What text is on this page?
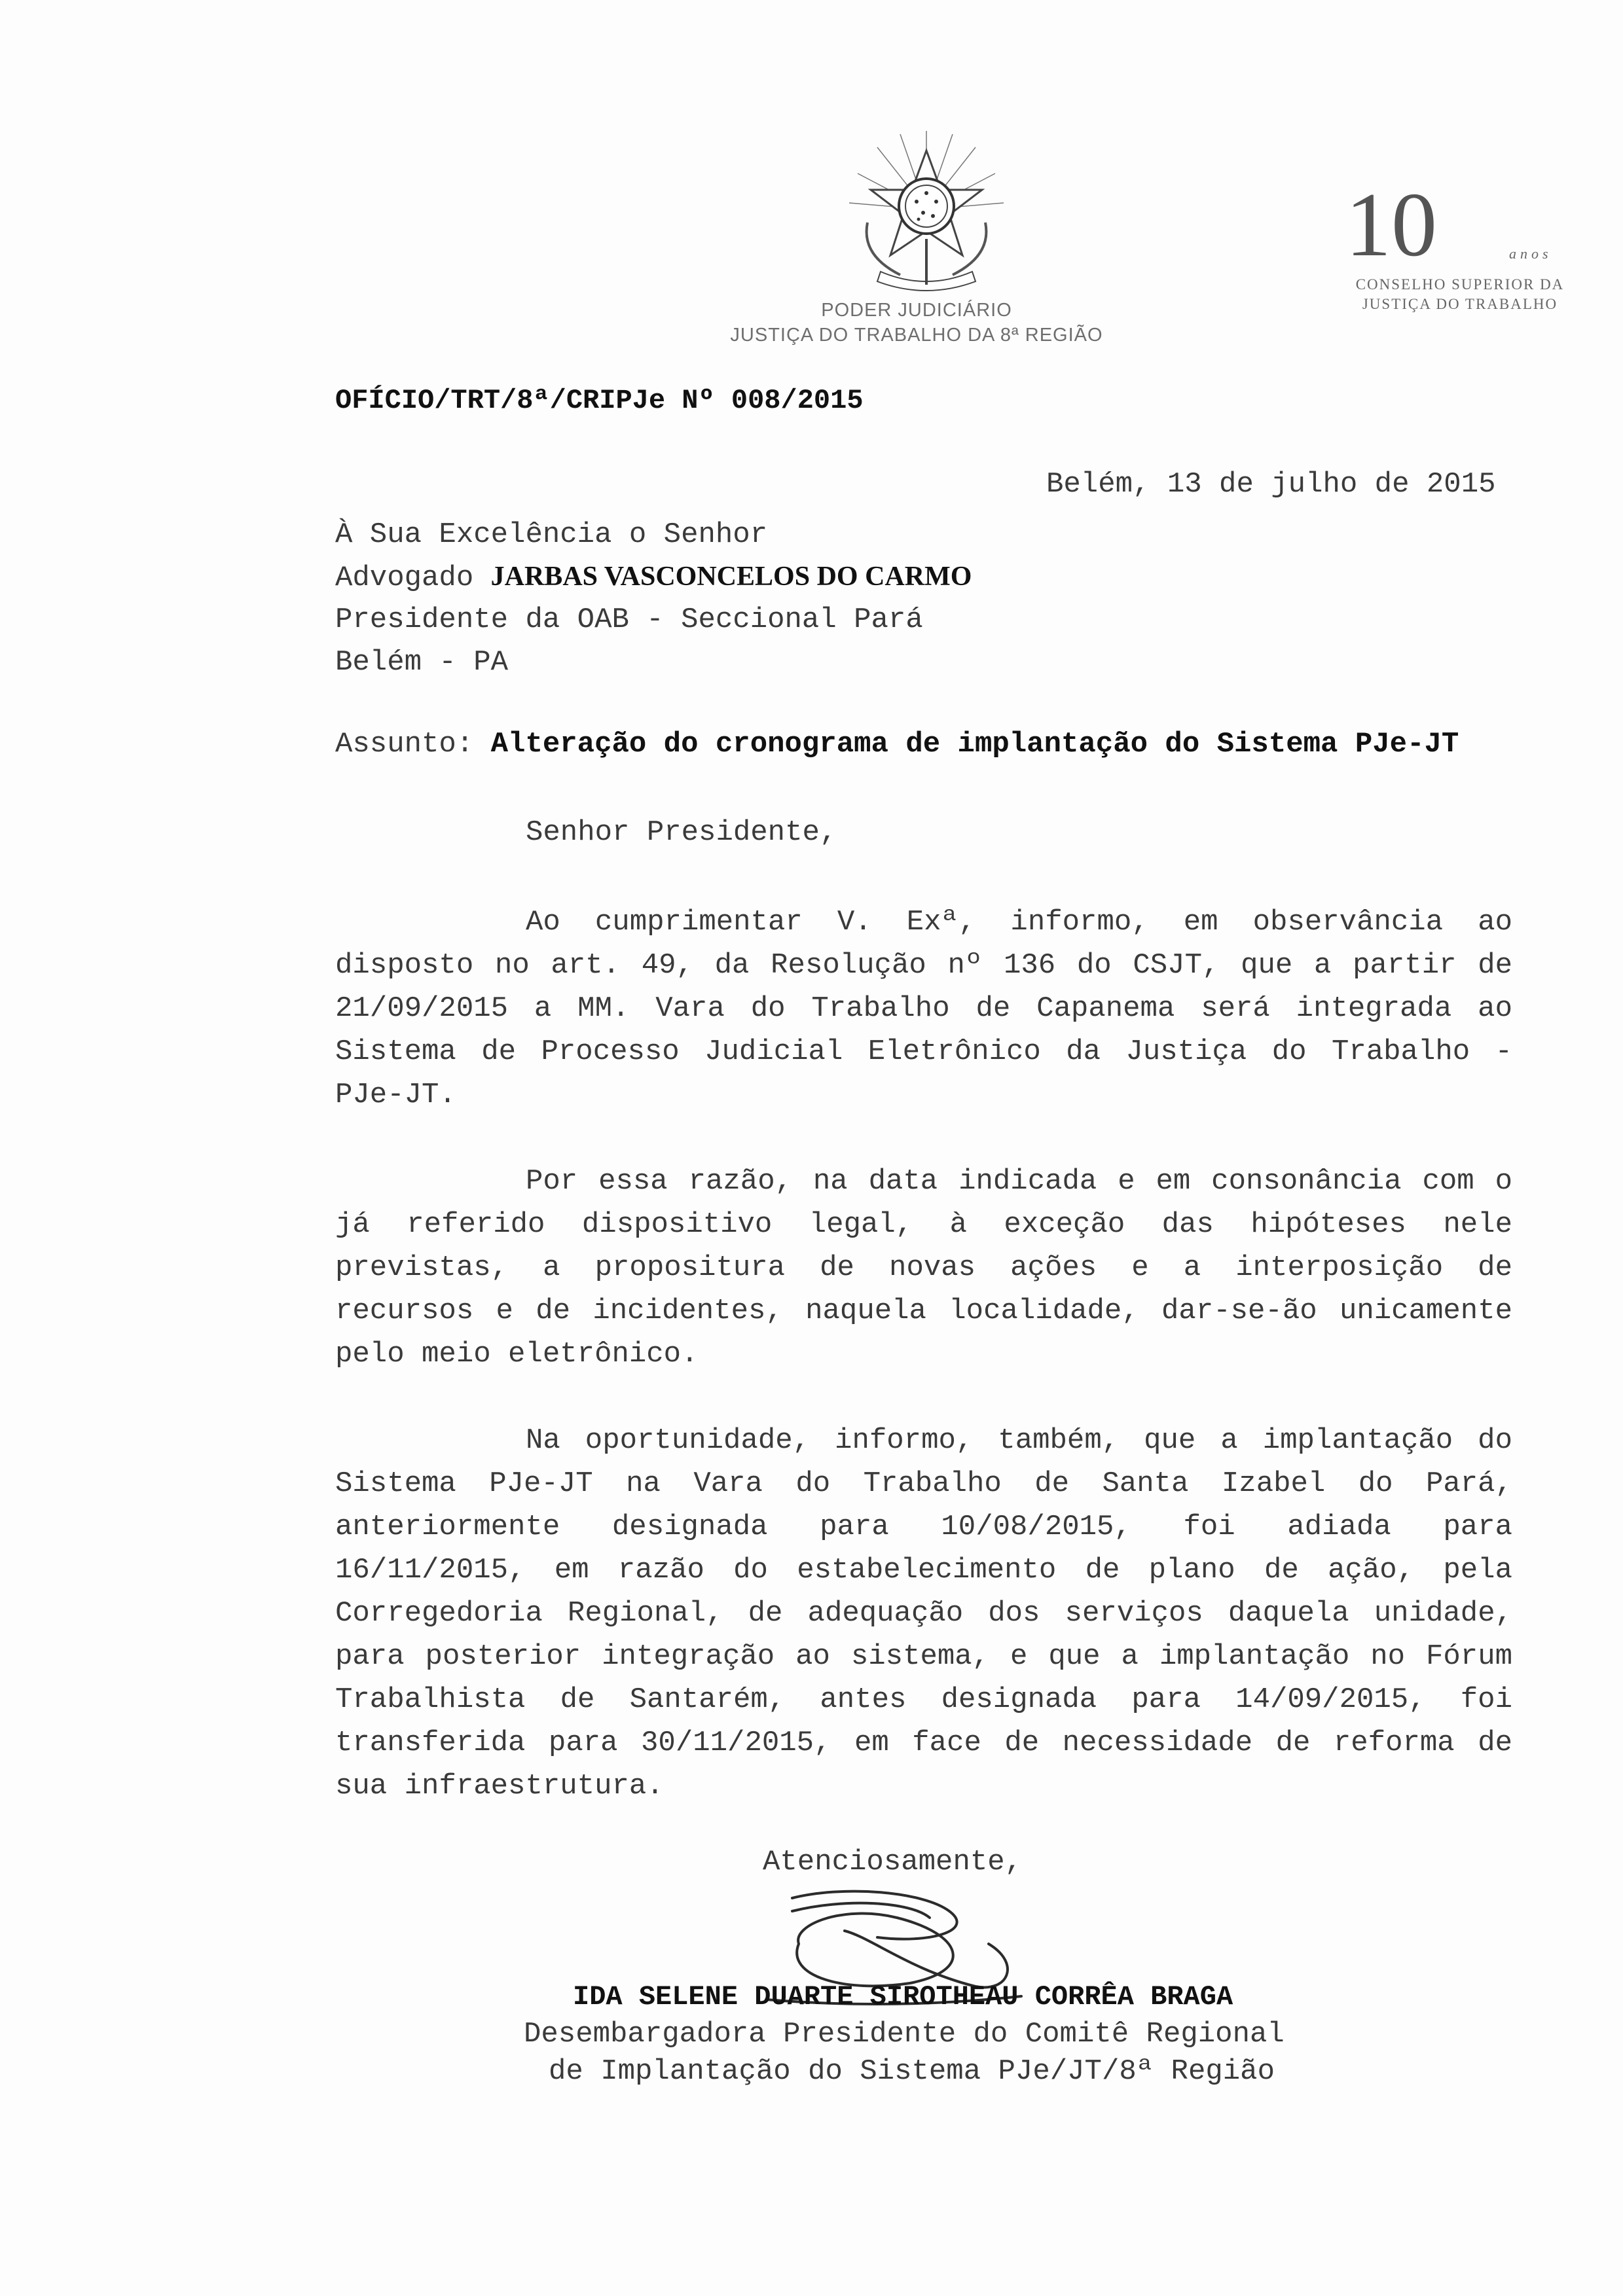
PODER JUDICIÁRIO
JUSTIÇA DO TRABALHO DA 8ª REGIÃO
10	anos
CONSELHO SUPERIOR DA
JUSTIÇA DO TRABALHO
OFÍCIO/TRT/8ª/CRIPJe Nº 008/2015
Belém, 13 de julho de 2015
À Sua Excelência o Senhor
Advogado JARBAS VASCONCELOS DO CARMO
Presidente da OAB - Seccional Pará
Belém - PA
Assunto: Alteração do cronograma de implantação do Sistema PJe-JT
Senhor Presidente,
Ao cumprimentar V. Exª, informo, em observância ao
disposto no art. 49, da Resolução nº 136 do CSJT, que a partir de
21/09/2015 a MM. Vara do Trabalho de Capanema será integrada ao
Sistema de Processo Judicial Eletrônico da Justiça do Trabalho -
PJe-JT.
Por essa razão, na data indicada e em consonância com o
já referido dispositivo legal, à exceção das hipóteses nele
previstas, a propositura de novas ações e a interposição de
recursos e de incidentes, naquela localidade, dar-se-ão unicamente
pelo meio eletrônico.
Na oportunidade, informo, também, que a implantação do
Sistema PJe-JT na Vara do Trabalho de Santa Izabel do Pará,
anteriormente designada para 10/08/2015, foi adiada para
16/11/2015, em razão do estabelecimento de plano de ação, pela
Corregedoria Regional, de adequação dos serviços daquela unidade,
para posterior integração ao sistema, e que a implantação no Fórum
Trabalhista de Santarém, antes designada para 14/09/2015, foi
transferida para 30/11/2015, em face de necessidade de reforma de
sua infraestrutura.
Atenciosamente,
IDA SELENE DUARTE SIROTHEAU CORRÊA BRAGA
Desembargadora Presidente do Comitê Regional
de Implantação do Sistema PJe/JT/8ª Região
